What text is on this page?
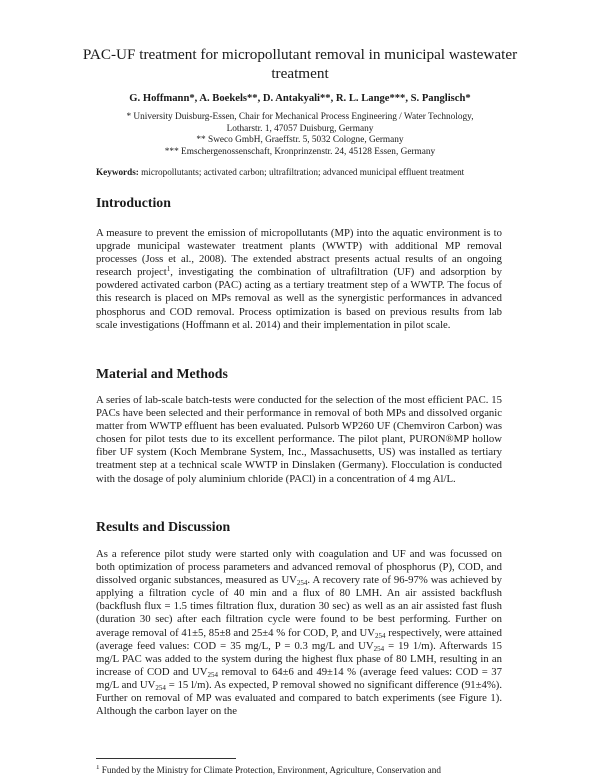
PAC-UF treatment for micropollutant removal in municipal wastewater treatment
G. Hoffmann*, A. Boekels**, D. Antakyali**, R. L. Lange***, S. Panglisch*
* University Duisburg-Essen, Chair for Mechanical Process Engineering / Water Technology,
Lotharstr. 1, 47057 Duisburg, Germany
** Sweco GmbH, Graeffstr. 5, 5032 Cologne, Germany
*** Emschergenossenschaft, Kronprinzenstr. 24, 45128 Essen, Germany
Keywords: micropollutants; activated carbon; ultrafiltration; advanced municipal effluent treatment
Introduction

A measure to prevent the emission of micropollutants (MP) into the aquatic environment is to upgrade municipal wastewater treatment plants (WWTP) with additional MP removal processes (Joss et al., 2008). The extended abstract presents actual results of an ongoing research project$^1$, investigating the combination of ultrafiltration (UF) and adsorption by powdered activated carbon (PAC) acting as a tertiary treatment step of a WWTP. The focus of this research is placed on MPs removal as well as the synergistic performances in advanced phosphorus and COD removal. Process optimization is based on previous results from lab scale investigations (Hoffmann et al. 2014) and their implementation in pilot scale.

Material and Methods

A series of lab-scale batch-tests were conducted for the selection of the most efficient PAC. 15 PACs have been selected and their performance in removal of both MPs and dissolved organic matter from WWTP effluent has been evaluated. Pulsorb WP260 UF (Chemviron Carbon) was chosen for pilot tests due to its excellent performance. The pilot plant, PURON®MP hollow fiber UF system (Koch Membrane System, Inc., Massachusetts, US) was installed as tertiary treatment step at a technical scale WWTP in Dinslaken (Germany). Flocculation is conducted with the dosage of poly aluminium chloride (PACl) in a concentration of 4 mg Al/L.

Results and Discussion

As a reference pilot study were started only with coagulation and UF and was focussed on both optimization of process parameters and advanced removal of phosphorus (P), COD, and dissolved organic substances, measured as $UV_{254}$. A recovery rate of 96-97% was achieved by applying a filtration cycle of 40 min and a flux of 80 LMH. An air assisted backflush (backflush flux = 1.5 times filtration flux, duration 30 sec) as well as an air assisted fast flush (duration 30 sec) after each filtration cycle were found to be best performing. Further on average removal of 41±5, 85±8 and 25±4 % for COD, P, and $UV_{254}$ respectively, were attained (average feed values: COD = 35 mg/L, P = 0.3 mg/L and $UV_{254} = 19$ 1/m). Afterwards 15 mg/L PAC was added to the system during the highest flux phase of 80 LMH, resulting in an increase of COD and $UV_{254}$ removal to 64±6 and 49±14 % (average feed values: COD = 37 mg/L and $UV_{254} = 15$ l/m). As expected, P removal showed no significant difference (91±4%). Further on removal of MP was evaluated and compared to batch experiments (see Figure 1). Although the carbon layer on the

$^1$ Funded by the Ministry for Climate Protection, Environment, Agriculture, Conservation and
